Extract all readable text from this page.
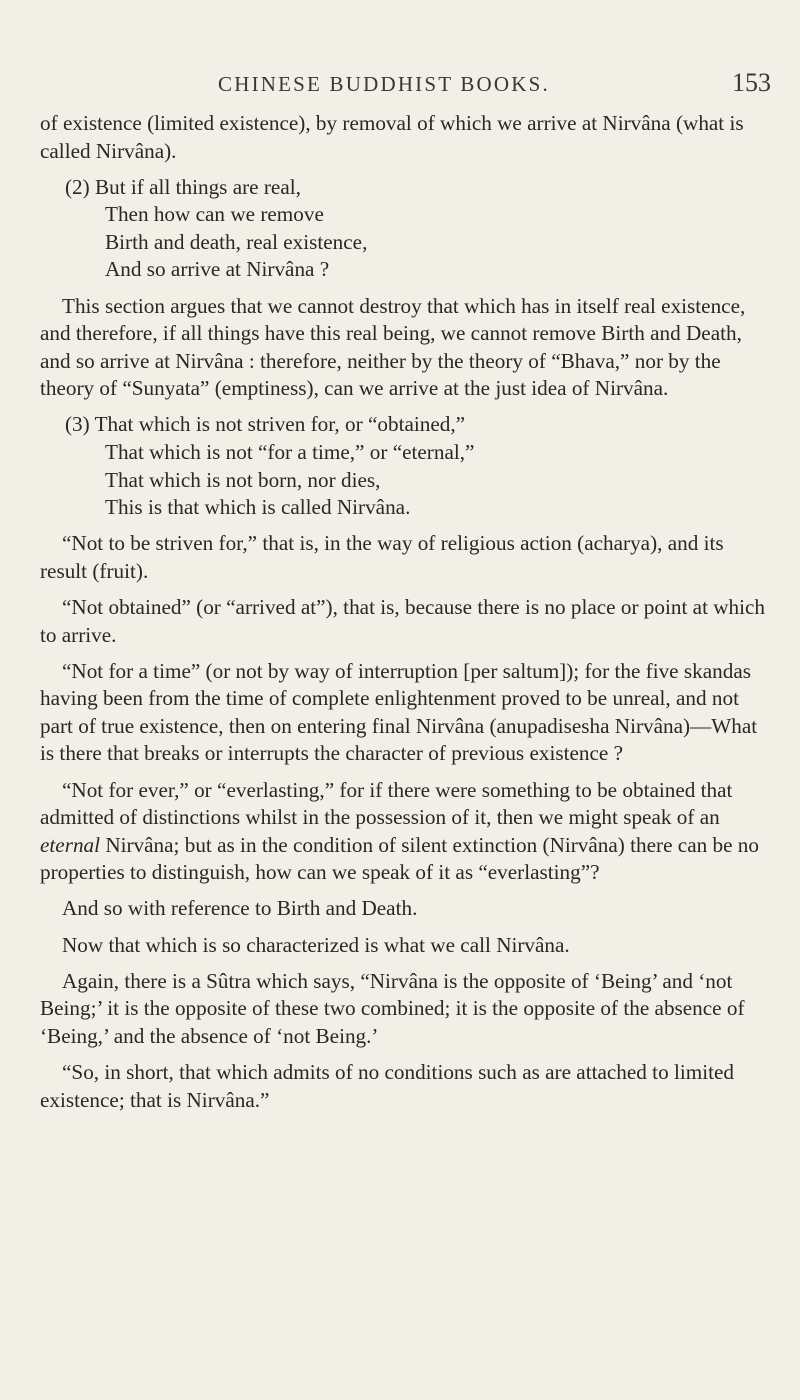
CHINESE BUDDHIST BOOKS.	153

of existence (limited existence), by removal of which we arrive at Nirvâna (what is called Nirvâna).

(2) But if all things are real,
Then how can we remove
Birth and death, real existence,
And so arrive at Nirvâna ?

This section argues that we cannot destroy that which has in itself real existence, and therefore, if all things have this real being, we cannot remove Birth and Death, and so arrive at Nirvâna : therefore, neither by the theory of “Bhava,” nor by the theory of “Sunyata” (emptiness), can we arrive at the just idea of Nirvâna.

(3) That which is not striven for, or “obtained,”
That which is not “for a time,” or “eternal,”
That which is not born, nor dies,
This is that which is called Nirvâna.

“Not to be striven for,” that is, in the way of religious action (acharya), and its result (fruit).

“Not obtained” (or “arrived at”), that is, because there is no place or point at which to arrive.

“Not for a time” (or not by way of interruption [per saltum]); for the five skandas having been from the time of complete enlightenment proved to be unreal, and not part of true existence, then on entering final Nirvâna (anupadisesha Nirvâna)—What is there that breaks or interrupts the character of previous existence ?

“Not for ever,” or “everlasting,” for if there were something to be obtained that admitted of distinctions whilst in the possession of it, then we might speak of an eternal Nirvâna; but as in the condition of silent extinction (Nirvâna) there can be no properties to distinguish, how can we speak of it as “everlasting”?

And so with reference to Birth and Death.

Now that which is so characterized is what we call Nirvâna.

Again, there is a Sûtra which says, “Nirvâna is the opposite of ‘Being’ and ‘not Being;’ it is the opposite of these two combined; it is the opposite of the absence of ‘Being,’ and the absence of ‘not Being.’

“So, in short, that which admits of no conditions such as are attached to limited existence; that is Nirvâna.”
